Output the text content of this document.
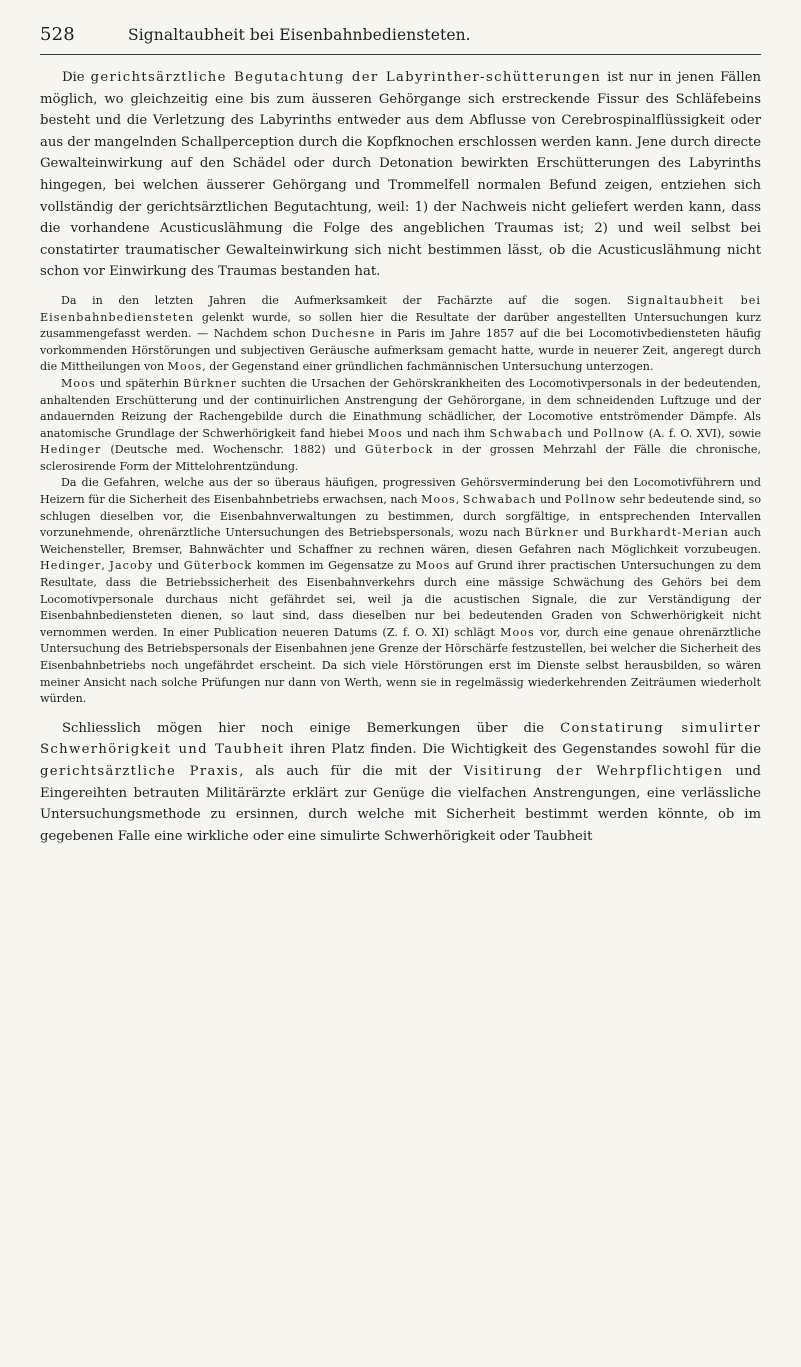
528	Signaltaubheit bei Eisenbahnbediensteten.

Die gerichtsärztliche Begutachtung der Labyrinther-schütterungen ist nur in jenen Fällen möglich, wo gleichzeitig eine bis zum äusseren Gehörgange sich erstreckende Fissur des Schläfebeins besteht und die Verletzung des Labyrinths entweder aus dem Abflusse von Cerebrospinalflüssigkeit oder aus der mangelnden Schallperception durch die Kopfknochen erschlossen werden kann. Jene durch directe Gewalteinwirkung auf den Schädel oder durch Detonation bewirkten Erschütterungen des Labyrinths hingegen, bei welchen äusserer Gehörgang und Trommelfell normalen Befund zeigen, entziehen sich vollständig der gerichtsärztlichen Begutachtung, weil: 1) der Nachweis nicht geliefert werden kann, dass die vorhandene Acusticuslähmung die Folge des angeblichen Traumas ist; 2) und weil selbst bei constatirter traumatischer Gewalteinwirkung sich nicht bestimmen lässt, ob die Acusticuslähmung nicht schon vor Einwirkung des Traumas bestanden hat.

Da in den letzten Jahren die Aufmerksamkeit der Fachärzte auf die sogen. Signaltaubheit bei Eisenbahnbediensteten gelenkt wurde, so sollen hier die Resultate der darüber angestellten Untersuchungen kurz zusammengefasst werden. — Nachdem schon Duchesne in Paris im Jahre 1857 auf die bei Locomotivbediensteten häufig vorkommenden Hörstörungen und subjectiven Geräusche aufmerksam gemacht hatte, wurde in neuerer Zeit, angeregt durch die Mittheilungen von Moos, der Gegenstand einer gründlichen fachmännischen Untersuchung unterzogen.

Moos und späterhin Bürkner suchten die Ursachen der Gehörskrankheiten des Locomotivpersonals in der bedeutenden, anhaltenden Erschütterung und der continuirlichen Anstrengung der Gehörorgane, in dem schneidenden Luftzuge und der andauernden Reizung der Rachengebilde durch die Einathmung schädlicher, der Locomotive entströmender Dämpfe. Als anatomische Grundlage der Schwerhörigkeit fand hiebei Moos und nach ihm Schwabach und Pollnow (A. f. O. XVI), sowie Hedinger (Deutsche med. Wochenschr. 1882) und Güterbock in der grossen Mehrzahl der Fälle die chronische, sclerosirende Form der Mittelohrentzündung.

Da die Gefahren, welche aus der so überaus häufigen, progressiven Gehörsverminderung bei den Locomotivführern und Heizern für die Sicherheit des Eisenbahnbetriebs erwachsen, nach Moos, Schwabach und Pollnow sehr bedeutende sind, so schlugen dieselben vor, die Eisenbahnverwaltungen zu bestimmen, durch sorgfältige, in entsprechenden Intervallen vorzunehmende, ohrenärztliche Untersuchungen des Betriebspersonals, wozu nach Bürkner und Burkhardt-Merian auch Weichensteller, Bremser, Bahnwächter und Schaffner zu rechnen wären, diesen Gefahren nach Möglichkeit vorzubeugen. Hedinger, Jacoby und Güterbock kommen im Gegensatze zu Moos auf Grund ihrer practischen Untersuchungen zu dem Resultate, dass die Betriebssicherheit des Eisenbahnverkehrs durch eine mässige Schwächung des Gehörs bei dem Locomotivpersonale durchaus nicht gefährdet sei, weil ja die acustischen Signale, die zur Verständigung der Eisenbahnbediensteten dienen, so laut sind, dass dieselben nur bei bedeutenden Graden von Schwerhörigkeit nicht vernommen werden. In einer Publication neueren Datums (Z. f. O. XI) schlägt Moos vor, durch eine genaue ohrenärztliche Untersuchung des Betriebspersonals der Eisenbahnen jene Grenze der Hörschärfe festzustellen, bei welcher die Sicherheit des Eisenbahnbetriebs noch ungefährdet erscheint. Da sich viele Hörstörungen erst im Dienste selbst herausbilden, so wären meiner Ansicht nach solche Prüfungen nur dann von Werth, wenn sie in regelmässig wiederkehrenden Zeiträumen wiederholt würden.

Schliesslich mögen hier noch einige Bemerkungen über die Constatirung simulirter Schwerhörigkeit und Taubheit ihren Platz finden. Die Wichtigkeit des Gegenstandes sowohl für die gerichtsärztliche Praxis, als auch für die mit der Visitirung der Wehrpflichtigen und Eingereihten betrauten Militärärzte erklärt zur Genüge die vielfachen Anstrengungen, eine verlässliche Untersuchungsmethode zu ersinnen, durch welche mit Sicherheit bestimmt werden könnte, ob im gegebenen Falle eine wirkliche oder eine simulirte Schwerhörigkeit oder Taubheit
